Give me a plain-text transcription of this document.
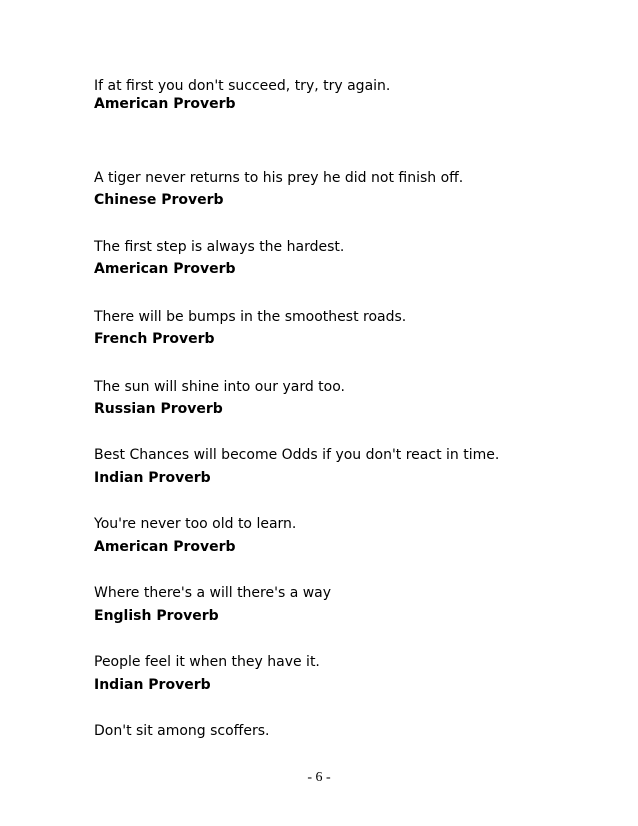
If at first you don't succeed, try, try again.
American Proverb
A tiger never returns to his prey he did not finish off.
Chinese Proverb
The first step is always the hardest.
American Proverb
There will be bumps in the smoothest roads.
French Proverb
The sun will shine into our yard too.
Russian Proverb
Best Chances will become Odds if you don't react in time.
Indian Proverb
You're never too old to learn.
American Proverb
Where there's a will there's a way
English Proverb
People feel it when they have it.
Indian Proverb
Don't sit among scoffers.
- 6 -
